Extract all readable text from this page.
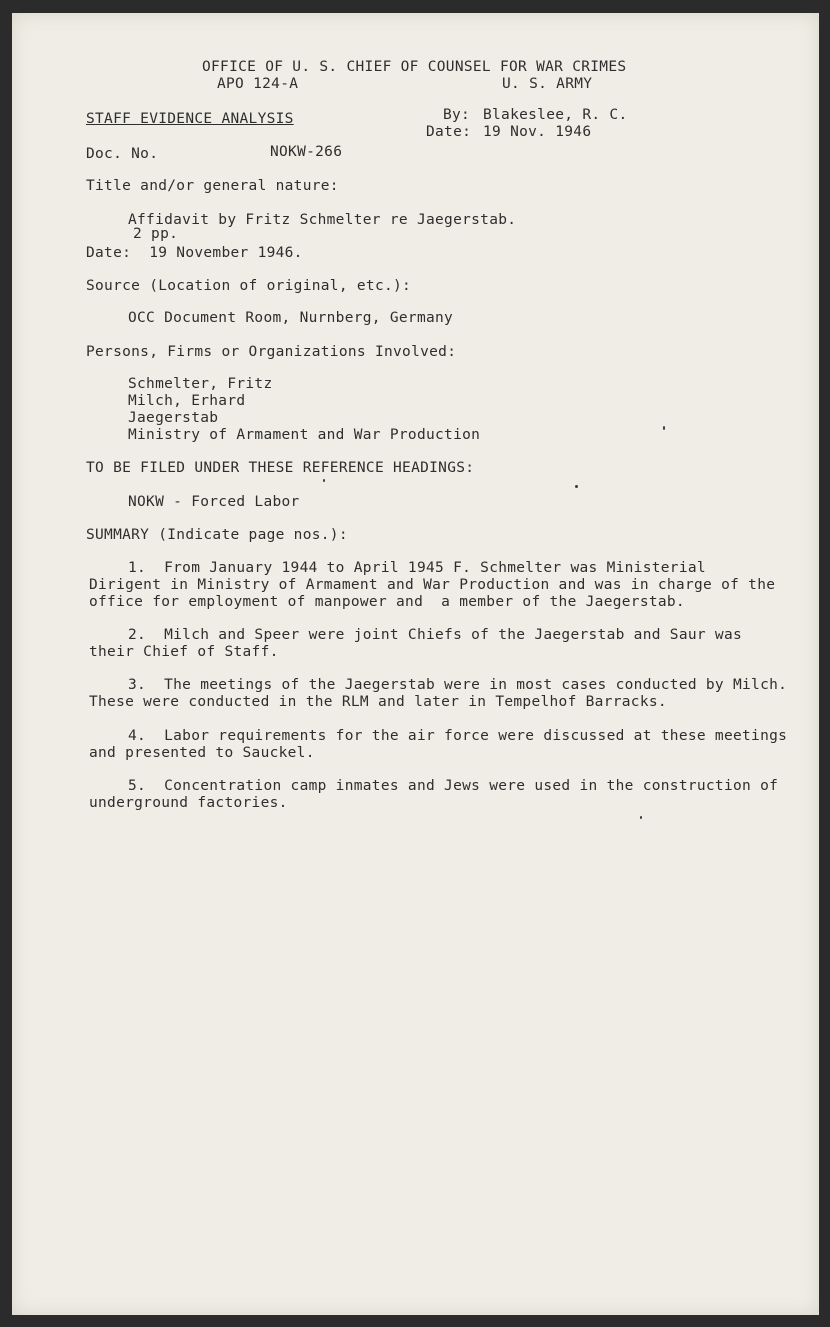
OFFICE OF U. S. CHIEF OF COUNSEL FOR WAR CRIMES
APO 124-A	U. S. ARMY
STAFF EVIDENCE ANALYSIS	By: Blakeslee, R. C.
Date: 19 Nov. 1946
Doc. No.	NOKW-266
Title and/or general nature:
Affidavit by Fritz Schmelter re Jaegerstab.
2 pp.
Date:  19 November 1946.
Source (Location of original, etc.):
OCC Document Room, Nurnberg, Germany
Persons, Firms or Organizations Involved:
Schmelter, Fritz
Milch, Erhard
Jaegerstab
Ministry of Armament and War Production
TO BE FILED UNDER THESE REFERENCE HEADINGS:
NOKW - Forced Labor
SUMMARY (Indicate page nos.):
1.  From January 1944 to April 1945 F. Schmelter was Ministerial
Dirigent in Ministry of Armament and War Production and was in charge of the
office for employment of manpower and  a member of the Jaegerstab.
2.  Milch and Speer were joint Chiefs of the Jaegerstab and Saur was
their Chief of Staff.
3.  The meetings of the Jaegerstab were in most cases conducted by Milch.
These were conducted in the RLM and later in Tempelhof Barracks.
4.  Labor requirements for the air force were discussed at these meetings
and presented to Sauckel.
5.  Concentration camp inmates and Jews were used in the construction of
underground factories.
